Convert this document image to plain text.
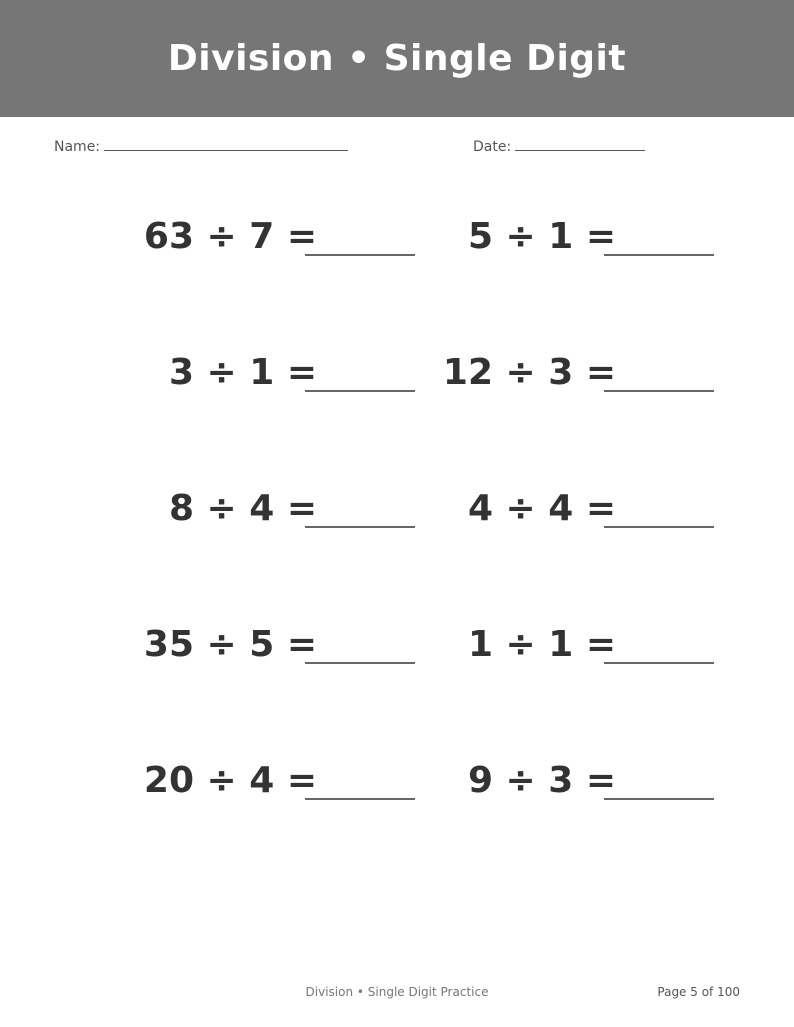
Division • Single Digit
Name:	Date:
63 ÷ 7 =	5 ÷ 1 =
3 ÷ 1 =	12 ÷ 3 =
8 ÷ 4 =	4 ÷ 4 =
35 ÷ 5 =	1 ÷ 1 =
20 ÷ 4 =	9 ÷ 3 =
Division • Single Digit Practice	Page 5 of 100
